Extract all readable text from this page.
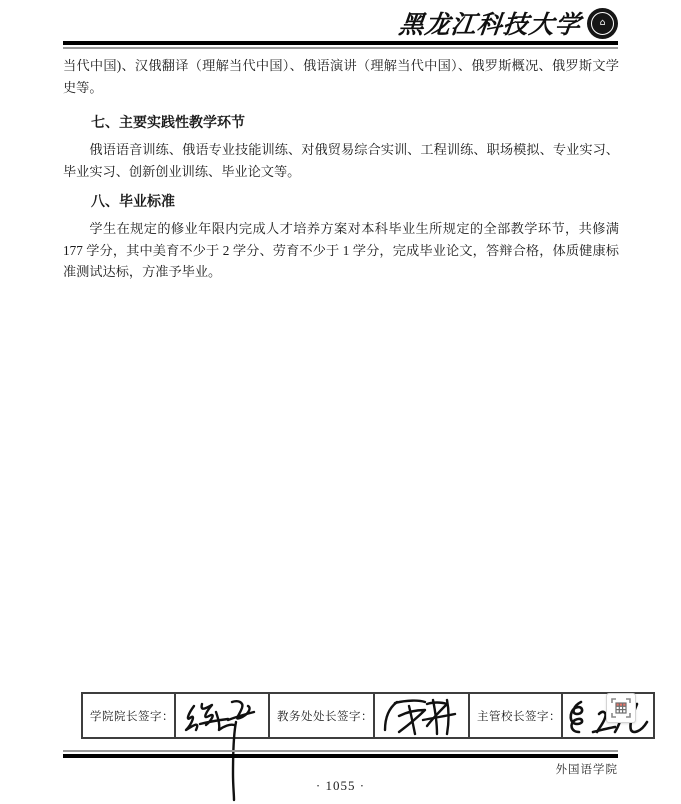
黑龙江科技大学 ⌂
当代中国)、汉俄翻译（理解当代中国）、俄语演讲（理解当代中国）、俄罗斯概况、俄罗斯文学史等。
七、主要实践性教学环节
俄语语音训练、俄语专业技能训练、对俄贸易综合实训、工程训练、职场模拟、专业实习、毕业实习、创新创业训练、毕业论文等。
八、毕业标准
学生在规定的修业年限内完成人才培养方案对本科毕业生所规定的全部教学环节，共修满 177 学分，其中美育不少于 2 学分、劳育不少于 1 学分，完成毕业论文，答辩合格，体质健康标准测试达标，方准予毕业。
学院院长签字：		教务处处长签字：		主管校长签字：	
外国语学院
· 1055 ·
